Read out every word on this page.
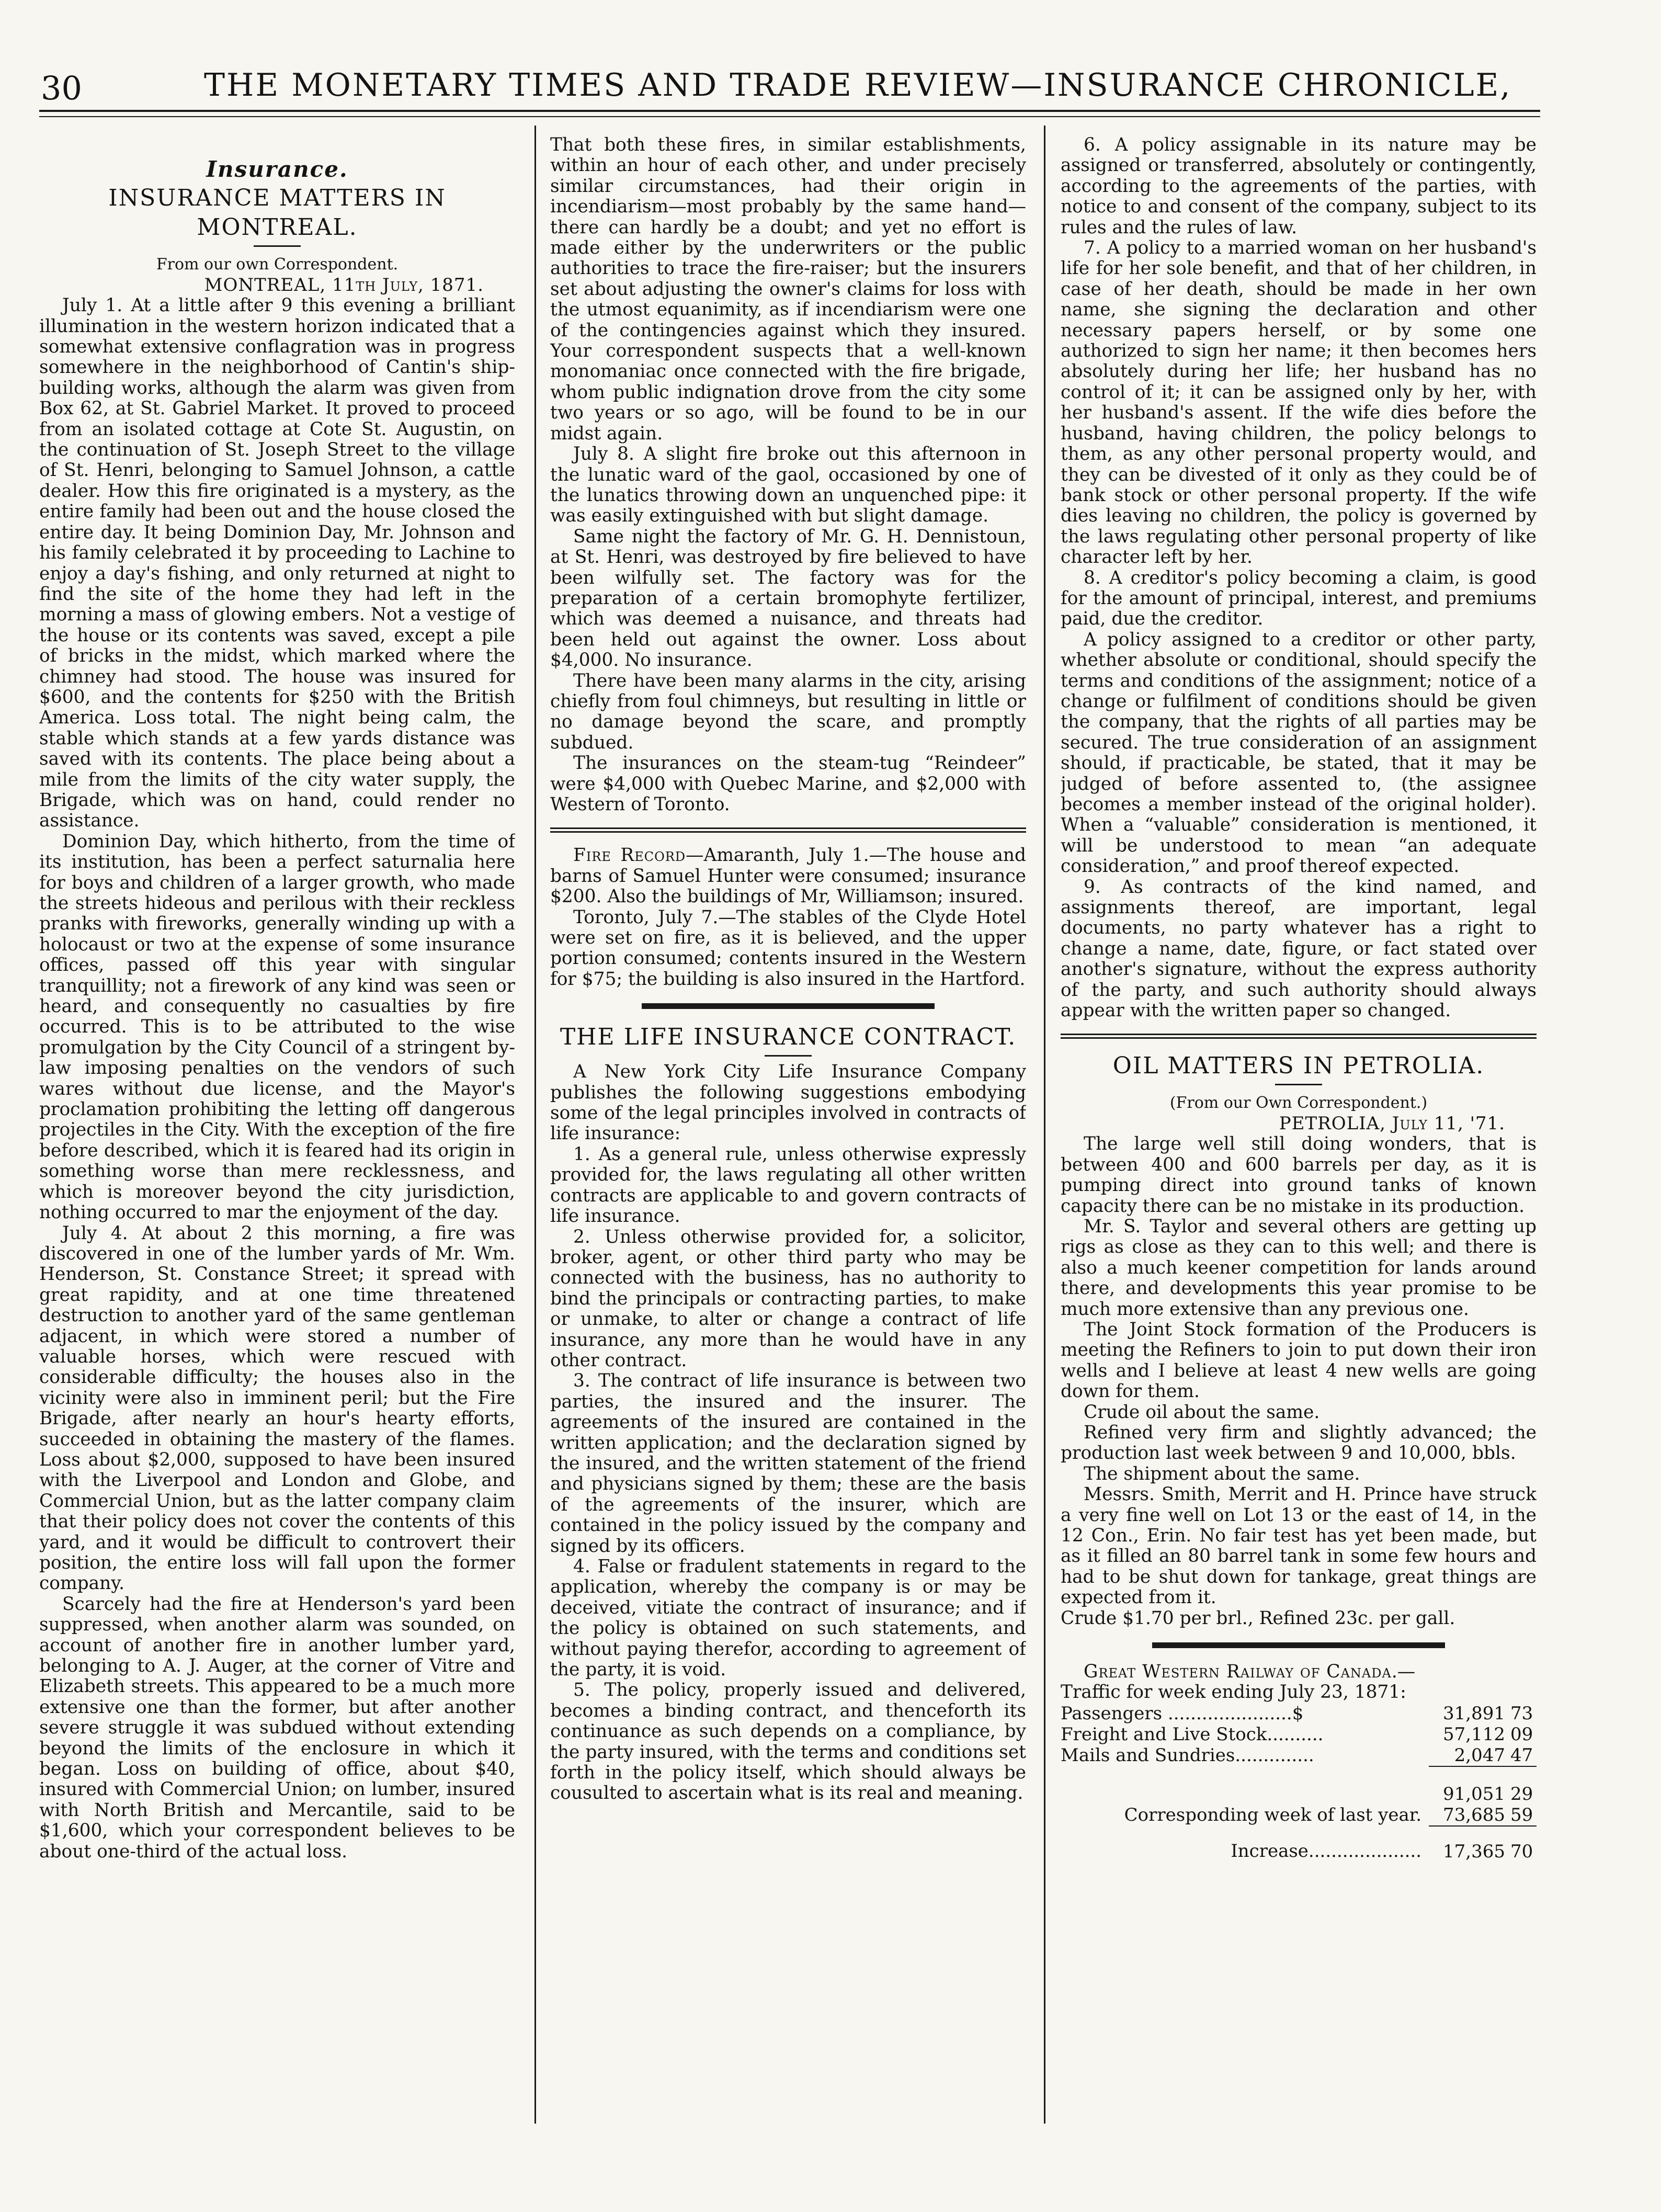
30	THE MONETARY TIMES AND TRADE REVIEW—INSURANCE CHRONICLE,
Insurance.
INSURANCE MATTERS IN MONTREAL.
From our own Correspondent.
MONTREAL, 11th July, 1871.

July 1. At a little after 9 this evening a brilliant illumination in the western horizon indicated that a somewhat extensive conflagration was in progress somewhere in the neighborhood of Cantin's ship-building works, although the alarm was given from Box 62, at St. Gabriel Market. It proved to proceed from an isolated cottage at Cote St. Augustin, on the continuation of St. Joseph Street to the village of St. Henri, belonging to Samuel Johnson, a cattle dealer. How this fire originated is a mystery, as the entire family had been out and the house closed the entire day. It being Dominion Day, Mr. Johnson and his family celebrated it by proceeding to Lachine to enjoy a day's fishing, and only returned at night to find the site of the home they had left in the morning a mass of glowing embers. Not a vestige of the house or its contents was saved, except a pile of bricks in the midst, which marked where the chimney had stood. The house was insured for $600, and the contents for $250 with the British America. Loss total. The night being calm, the stable which stands at a few yards distance was saved with its contents. The place being about a mile from the limits of the city water supply, the Brigade, which was on hand, could render no assistance.

Dominion Day, which hitherto, from the time of its institution, has been a perfect saturnalia here for boys and children of a larger growth, who made the streets hideous and perilous with their reckless pranks with fireworks, generally winding up with a holocaust or two at the expense of some insurance offices, passed off this year with singular tranquillity; not a firework of any kind was seen or heard, and consequently no casualties by fire occurred. This is to be attributed to the wise promulgation by the City Council of a stringent by-law imposing penalties on the vendors of such wares without due license, and the Mayor's proclamation prohibiting the letting off dangerous projectiles in the City. With the exception of the fire before described, which it is feared had its origin in something worse than mere recklessness, and which is moreover beyond the city jurisdiction, nothing occurred to mar the enjoyment of the day.

July 4. At about 2 this morning, a fire was discovered in one of the lumber yards of Mr. Wm. Henderson, St. Constance Street; it spread with great rapidity, and at one time threatened destruction to another yard of the same gentleman adjacent, in which were stored a number of valuable horses, which were rescued with considerable difficulty; the houses also in the vicinity were also in imminent peril; but the Fire Brigade, after nearly an hour's hearty efforts, succeeded in obtaining the mastery of the flames. Loss about $2,000, supposed to have been insured with the Liverpool and London and Globe, and Commercial Union, but as the latter company claim that their policy does not cover the contents of this yard, and it would be difficult to controvert their position, the entire loss will fall upon the former company.

Scarcely had the fire at Henderson's yard been suppressed, when another alarm was sounded, on account of another fire in another lumber yard, belonging to A. J. Auger, at the corner of Vitre and Elizabeth streets. This appeared to be a much more extensive one than the former, but after another severe struggle it was subdued without extending beyond the limits of the enclosure in which it began. Loss on building of office, about $40, insured with Commercial Union; on lumber, insured with North British and Mercantile, said to be $1,600, which your correspondent believes to be about one-third of the actual loss.

That both these fires, in similar establishments, within an hour of each other, and under precisely similar circumstances, had their origin in incendiarism—most probably by the same hand—there can hardly be a doubt; and yet no effort is made either by the underwriters or the public authorities to trace the fire-raiser; but the insurers set about adjusting the owner's claims for loss with the utmost equanimity, as if incendiarism were one of the contingencies against which they insured. Your correspondent suspects that a well-known monomaniac once connected with the fire brigade, whom public indignation drove from the city some two years or so ago, will be found to be in our midst again.

July 8. A slight fire broke out this afternoon in the lunatic ward of the gaol, occasioned by one of the lunatics throwing down an unquenched pipe: it was easily extinguished with but slight damage.

Same night the factory of Mr. G. H. Dennistoun, at St. Henri, was destroyed by fire believed to have been wilfully set. The factory was for the preparation of a certain bromophyte fertilizer, which was deemed a nuisance, and threats had been held out against the owner. Loss about $4,000. No insurance.

There have been many alarms in the city, arising chiefly from foul chimneys, but resulting in little or no damage beyond the scare, and promptly subdued.

The insurances on the steam-tug “Reindeer” were $4,000 with Quebec Marine, and $2,000 with Western of Toronto.

Fire Record—Amaranth, July 1.—The house and barns of Samuel Hunter were consumed; insurance $200. Also the buildings of Mr, Williamson; insured.

Toronto, July 7.—The stables of the Clyde Hotel were set on fire, as it is believed, and the upper portion consumed; contents insured in the Western for $75; the building is also insured in the Hartford.

THE LIFE INSURANCE CONTRACT.

A New York City Life Insurance Company publishes the following suggestions embodying some of the legal principles involved in contracts of life insurance:

1. As a general rule, unless otherwise expressly provided for, the laws regulating all other written contracts are applicable to and govern contracts of life insurance.

2. Unless otherwise provided for, a solicitor, broker, agent, or other third party who may be connected with the business, has no authority to bind the principals or contracting parties, to make or unmake, to alter or change a contract of life insurance, any more than he would have in any other contract.

3. The contract of life insurance is between two parties, the insured and the insurer. The agreements of the insured are contained in the written application; and the declaration signed by the insured, and the written statement of the friend and physicians signed by them; these are the basis of the agreements of the insurer, which are contained in the policy issued by the company and signed by its officers.

4. False or fradulent statements in regard to the application, whereby the company is or may be deceived, vitiate the contract of insurance; and if the policy is obtained on such statements, and without paying therefor, according to agreement of the party, it is void.

5. The policy, properly issued and delivered, becomes a binding contract, and thenceforth its continuance as such depends on a compliance, by the party insured, with the terms and conditions set forth in the policy itself, which should always be cousulted to ascertain what is its real and meaning.

6. A policy assignable in its nature may be assigned or transferred, absolutely or contingently, according to the agreements of the parties, with notice to and consent of the company, subject to its rules and the rules of law.

7. A policy to a married woman on her husband's life for her sole benefit, and that of her children, in case of her death, should be made in her own name, she signing the declaration and other necessary papers herself, or by some one authorized to sign her name; it then becomes hers absolutely during her life; her husband has no control of it; it can be assigned only by her, with her husband's assent. If the wife dies before the husband, having children, the policy belongs to them, as any other personal property would, and they can be divested of it only as they could be of bank stock or other personal property. If the wife dies leaving no children, the policy is governed by the laws regulating other personal property of like character left by her.

8. A creditor's policy becoming a claim, is good for the amount of principal, interest, and premiums paid, due the creditor.

A policy assigned to a creditor or other party, whether absolute or conditional, should specify the terms and conditions of the assignment; notice of a change or fulfilment of conditions should be given the company, that the rights of all parties may be secured. The true consideration of an assignment should, if practicable, be stated, that it may be judged of before assented to, (the assignee becomes a member instead of the original holder). When a “valuable” consideration is mentioned, it will be understood to mean “an adequate consideration,” and proof thereof expected.

9. As contracts of the kind named, and assignments thereof, are important, legal documents, no party whatever has a right to change a name, date, figure, or fact stated over another's signature, without the express authority of the party, and such authority should always appear with the written paper so changed.

OIL MATTERS IN PETROLIA.
(From our Own Correspondent.)
PETROLIA, July 11, '71.

The large well still doing wonders, that is between 400 and 600 barrels per day, as it is pumping direct into ground tanks of known capacity there can be no mistake in its production.

Mr. S. Taylor and several others are getting up rigs as close as they can to this well; and there is also a much keener competition for lands around there, and developments this year promise to be much more extensive than any previous one.

The Joint Stock formation of the Producers is meeting the Refiners to join to put down their iron wells and I believe at least 4 new wells are going down for them.

Crude oil about the same.

Refined very firm and slightly advanced; the production last week between 9 and 10,000, bbls.

The shipment about the same.

Messrs. Smith, Merrit and H. Prince have struck a very fine well on Lot 13 or the east of 14, in the 12 Con., Erin. No fair test has yet been made, but as it filled an 80 barrel tank in some few hours and had to be shut down for tankage, great things are expected from it.

Crude $1.70 per brl., Refined 23c. per gall.

Great Western Railway of Canada.—

Traffic for week ending July 23, 1871:

Passengers ......................$	31,891	73
Freight and Live Stock..........	57,112	09
Mails and Sundries..............	2,047	47
	91,051	29
Corresponding week of last year.	73,685	59
Increase....................	17,365	70
